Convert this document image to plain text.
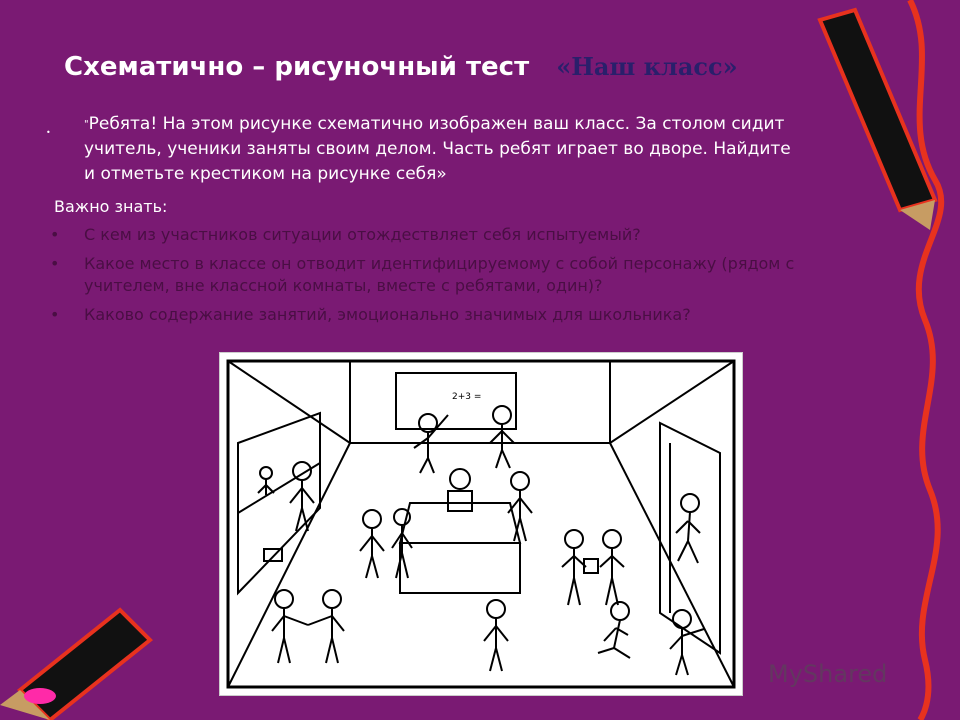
Схематично – рисуночный тест «Наш класс»
•
"Ребята! На этом рисунке схематично изображен ваш класс. За столом сидит учитель, ученики заняты своим делом. Часть ребят играет во дворе. Найдите и отметьте крестиком на рисунке себя»
Важно знать:
• С кем из участников ситуации отождествляет себя испытуемый?
• Какое место в классе он отводит идентифицируемому с собой персонажу (рядом с учителем, вне классной комнаты, вместе с ребятами, один)?
• Каково содержание занятий, эмоционально значимых для школьника?
2+3 =
MyShared
